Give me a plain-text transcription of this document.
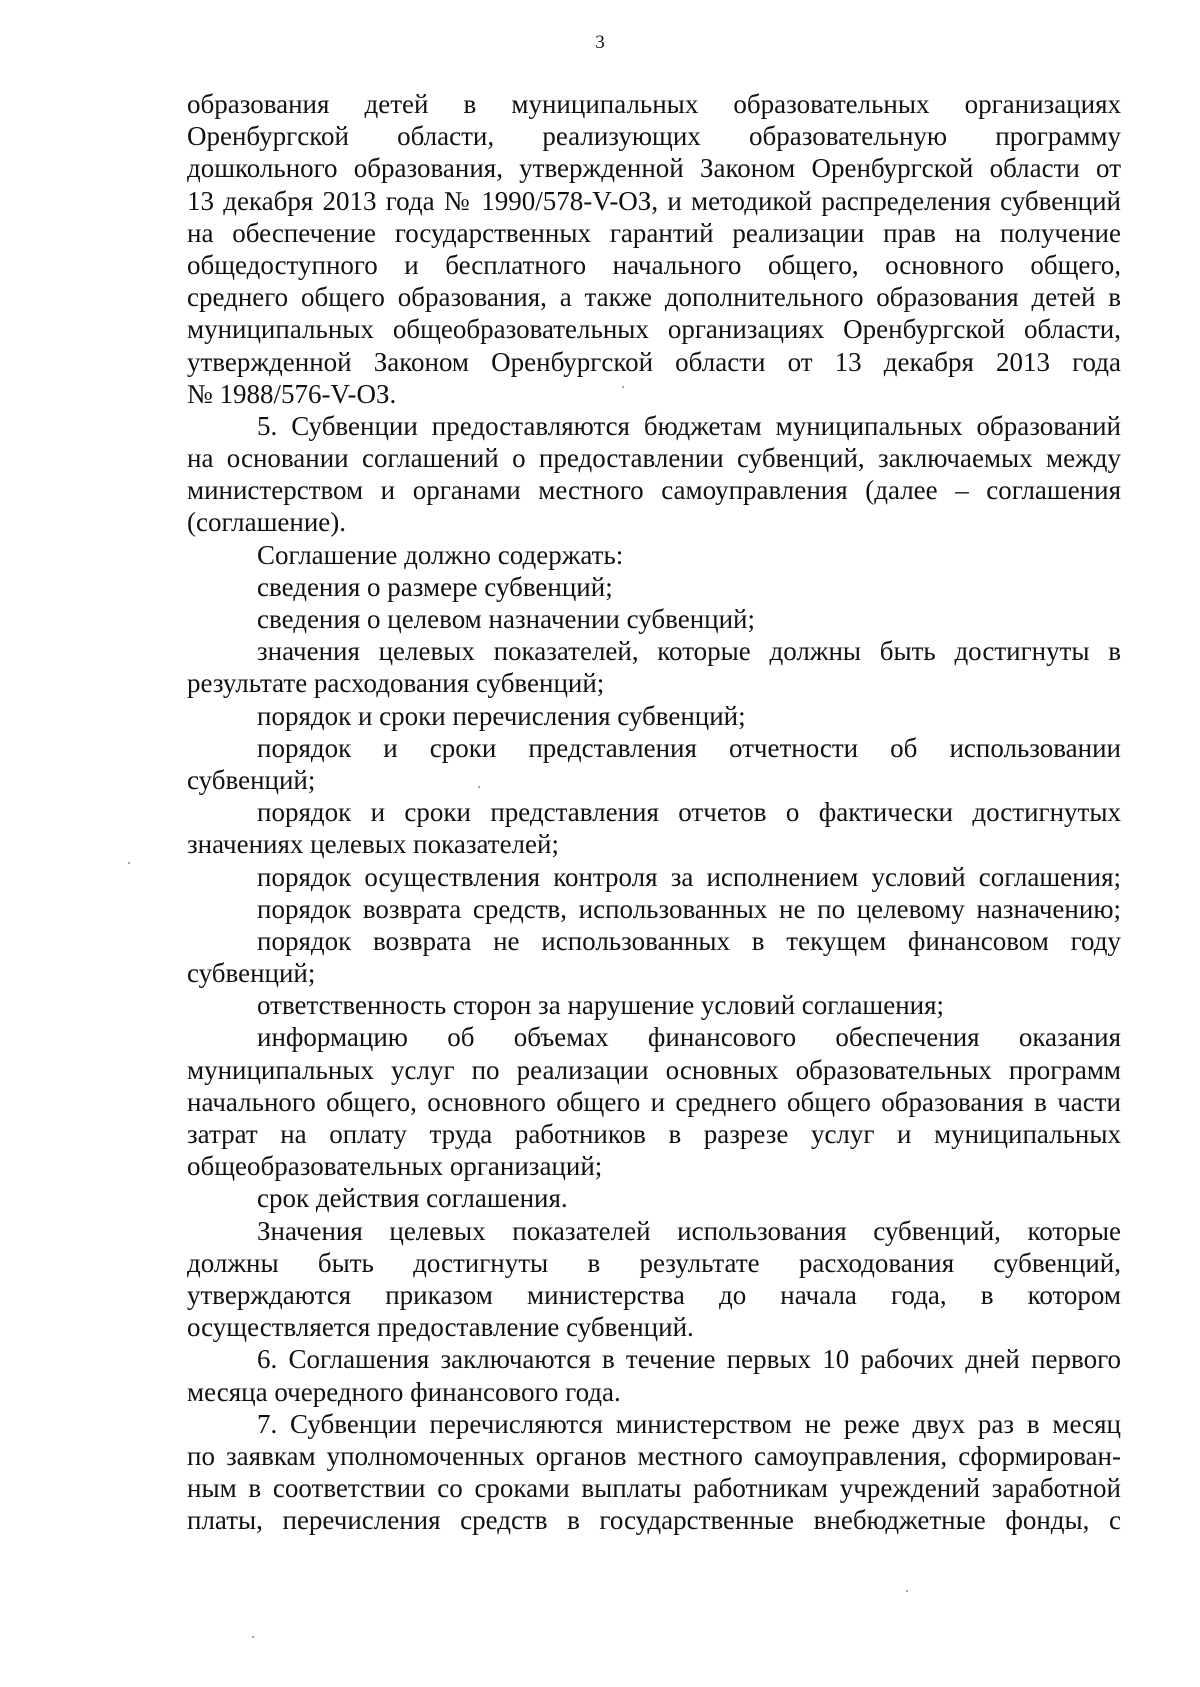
3
образования детей в муниципальных образовательных организациях
Оренбургской области, реализующих образовательную программу
дошкольного образования, утвержденной Законом Оренбургской области от
13 декабря 2013 года № 1990/578-V-ОЗ, и методикой распределения субвенций
на обеспечение государственных гарантий реализации прав на получение
общедоступного и бесплатного начального общего, основного общего,
среднего общего образования, а также дополнительного образования детей в
муниципальных общеобразовательных организациях Оренбургской области,
утвержденной Законом Оренбургской области от 13 декабря 2013 года
№ 1988/576-V-ОЗ.
5. Субвенции предоставляются бюджетам муниципальных образований
на основании соглашений о предоставлении субвенций, заключаемых между
министерством и органами местного самоуправления (далее – соглашения
(соглашение).
Соглашение должно содержать:
сведения о размере субвенций;
сведения о целевом назначении субвенций;
значения целевых показателей, которые должны быть достигнуты в
результате расходования субвенций;
порядок и сроки перечисления субвенций;
порядок и сроки представления отчетности об использовании
субвенций;
порядок и сроки представления отчетов о фактически достигнутых
значениях целевых показателей;
порядок осуществления контроля за исполнением условий соглашения;
порядок возврата средств, использованных не по целевому назначению;
порядок возврата не использованных в текущем финансовом году
субвенций;
ответственность сторон за нарушение условий соглашения;
информацию об объемах финансового обеспечения оказания
муниципальных услуг по реализации основных образовательных программ
начального общего, основного общего и среднего общего образования в части
затрат на оплату труда работников в разрезе услуг и муниципальных
общеобразовательных организаций;
срок действия соглашения.
Значения целевых показателей использования субвенций, которые
должны быть достигнуты в результате расходования субвенций,
утверждаются приказом министерства до начала года, в котором
осуществляется предоставление субвенций.
6. Соглашения заключаются в течение первых 10 рабочих дней первого
месяца очередного финансового года.
7. Субвенции перечисляются министерством не реже двух раз в месяц
по заявкам уполномоченных органов местного самоуправления, сформирован-
ным в соответствии со сроками выплаты работникам учреждений заработной
платы, перечисления средств в государственные внебюджетные фонды, с
